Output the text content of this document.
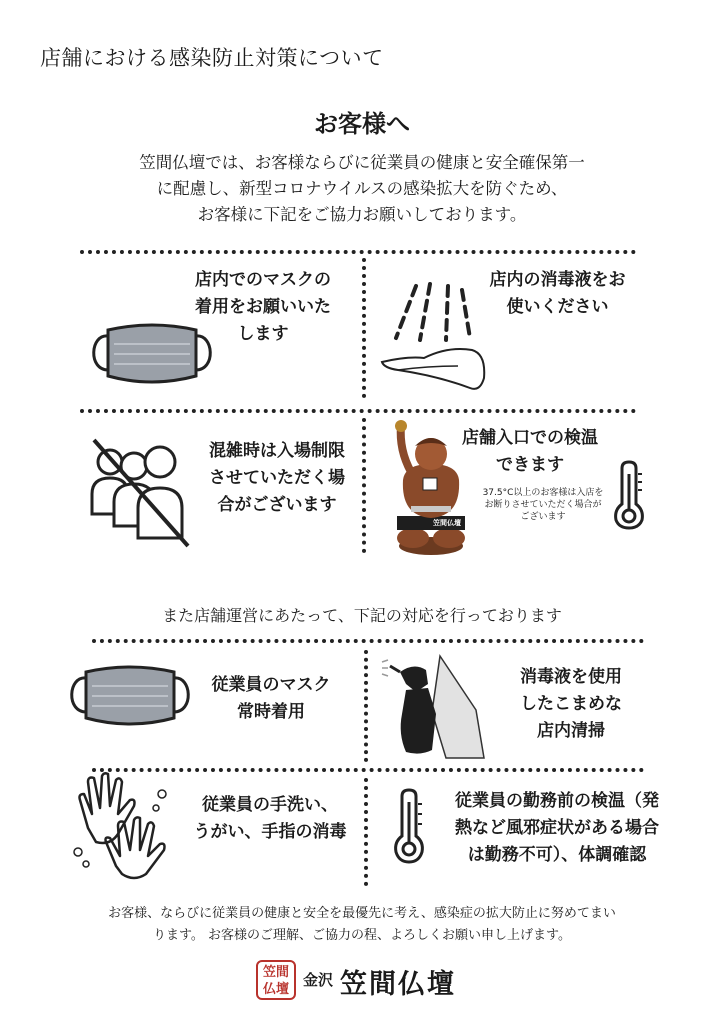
店舗における感染防止対策について
お客様へ
笠間仏壇では、お客様ならびに従業員の健康と安全確保第一
に配慮し、新型コロナウイルスの感染拡大を防ぐため、
お客様に下記をご協力お願いしております。
店内でのマスクの
着用をお願いいた
します
店内の消毒液をお
使いください
混雑時は入場制限
させていただく場
合がございます
笠間仏壇
店舗入口での検温
できます
37.5°C以上のお客様は入店を
お断りさせていただく場合が
ございます
また店舗運営にあたって、下記の対応を行っております
従業員のマスク
常時着用
消毒液を使用
したこまめな
店内清掃
従業員の手洗い、
うがい、手指の消毒
従業員の勤務前の検温（発
熱など風邪症状がある場合
は勤務不可）、体調確認
お客様、ならびに従業員の健康と安全を最優先に考え、感染症の拡大防止に努めてまい
ります。 お客様のご理解、ご協力の程、よろしくお願い申し上げます。
笠間
仏壇
金沢 笠間仏壇
